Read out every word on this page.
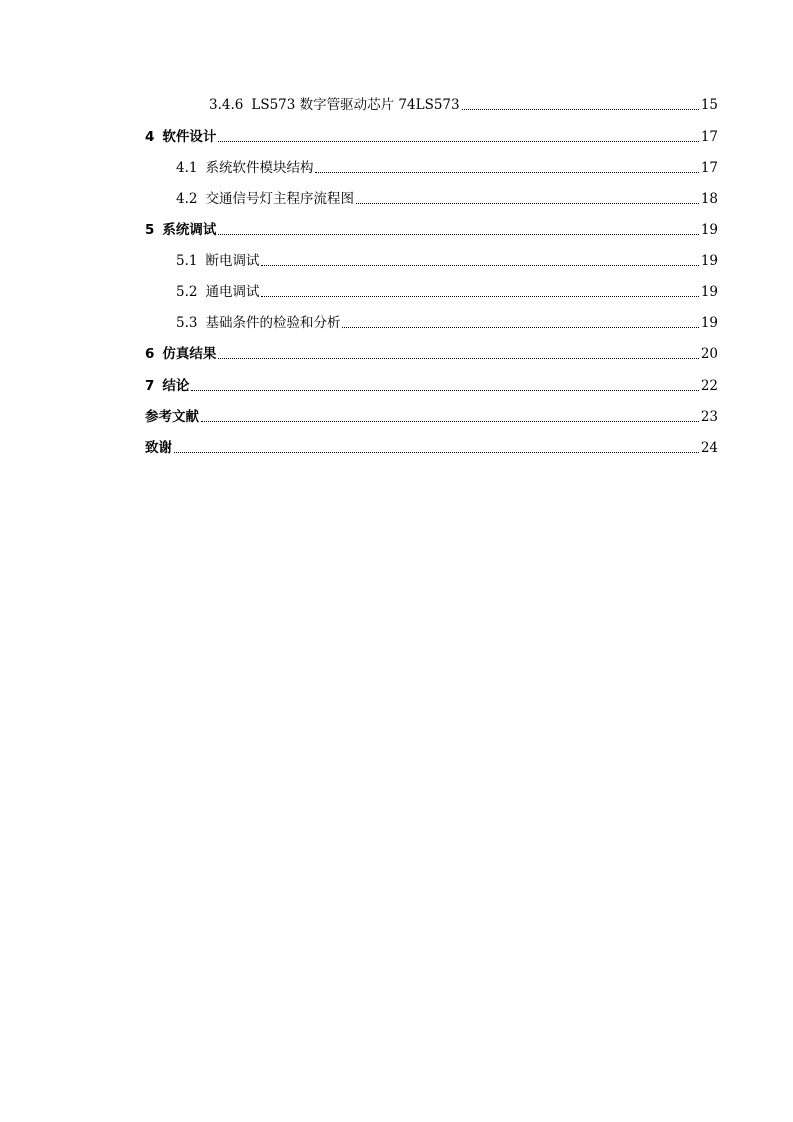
3.4.6 LS573 数字管驱动芯片 74LS573	15
4 软件设计	17
4.1 系统软件模块结构	17
4.2 交通信号灯主程序流程图	18
5 系统调试	19
5.1 断电调试	19
5.2 通电调试	19
5.3 基础条件的检验和分析	19
6 仿真结果	20
7 结论	22
参考文献	23
致谢	24
